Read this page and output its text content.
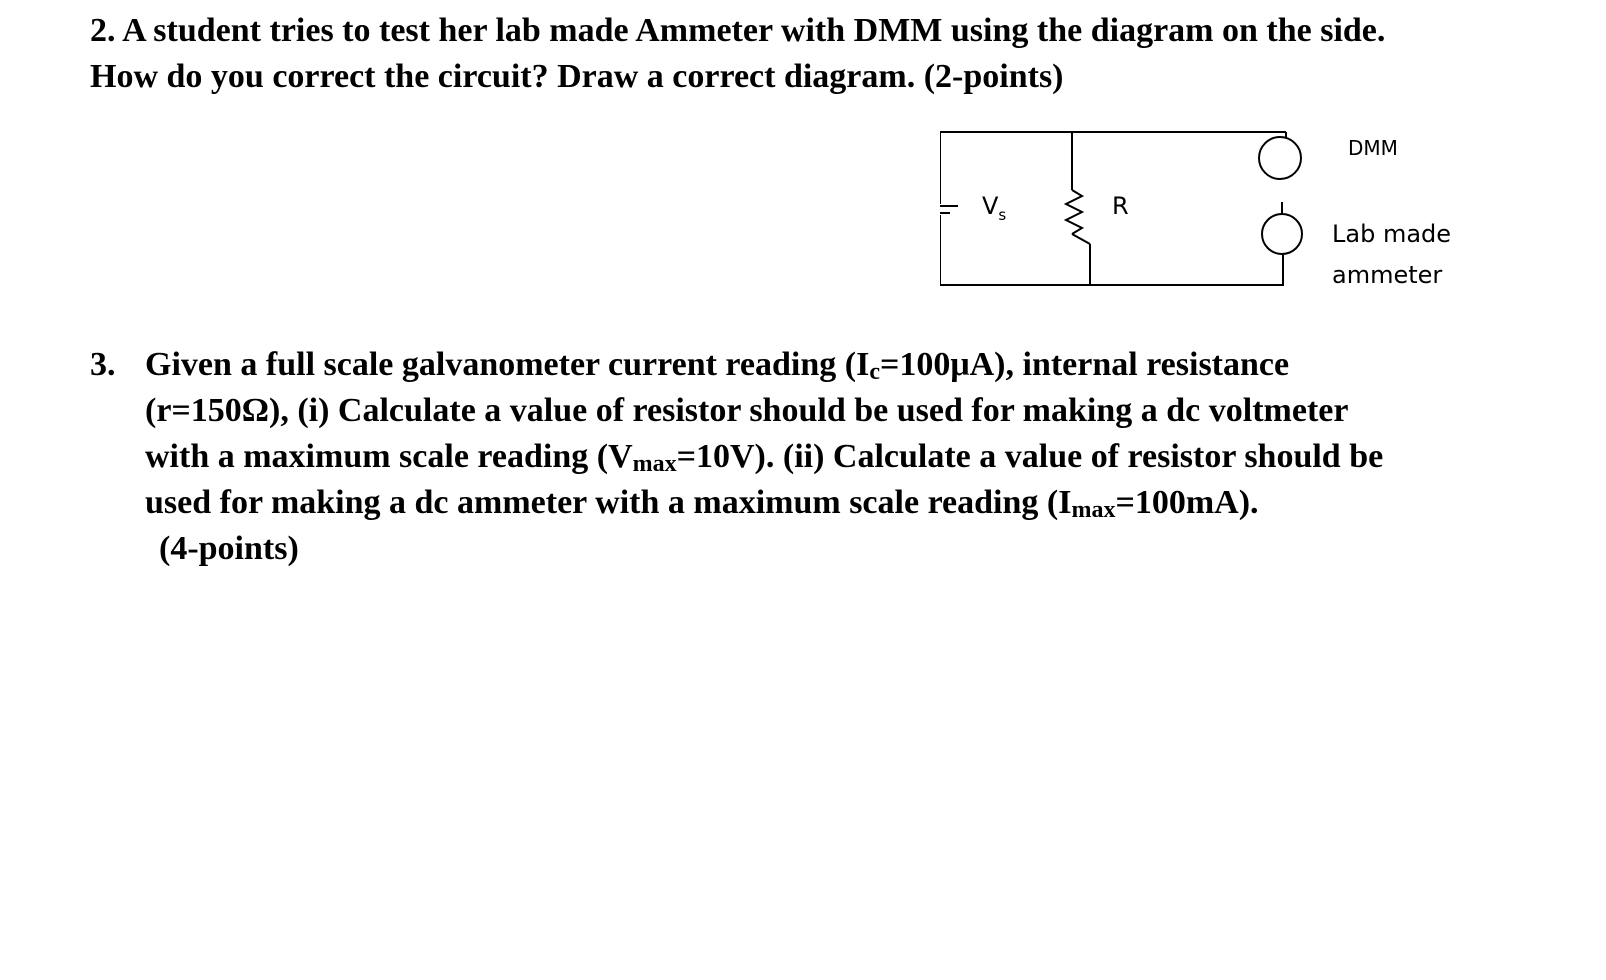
2. A student tries to test her lab made Ammeter with DMM using the diagram on the side.
How do you correct the circuit? Draw a correct diagram. (2-points)
$V_s$	R
DMM
Lab made
ammeter
3. Given a full scale galvanometer current reading $(I_c=100\mu A)$, internal resistance
(r=150Ω), (i) Calculate a value of resistor should be used for making a dc voltmeter
with a maximum scale reading $(V_{max}=10V)$. (ii) Calculate a value of resistor should be
used for making a dc ammeter with a maximum scale reading $(I_{max}=100mA)$.
(4-points)
